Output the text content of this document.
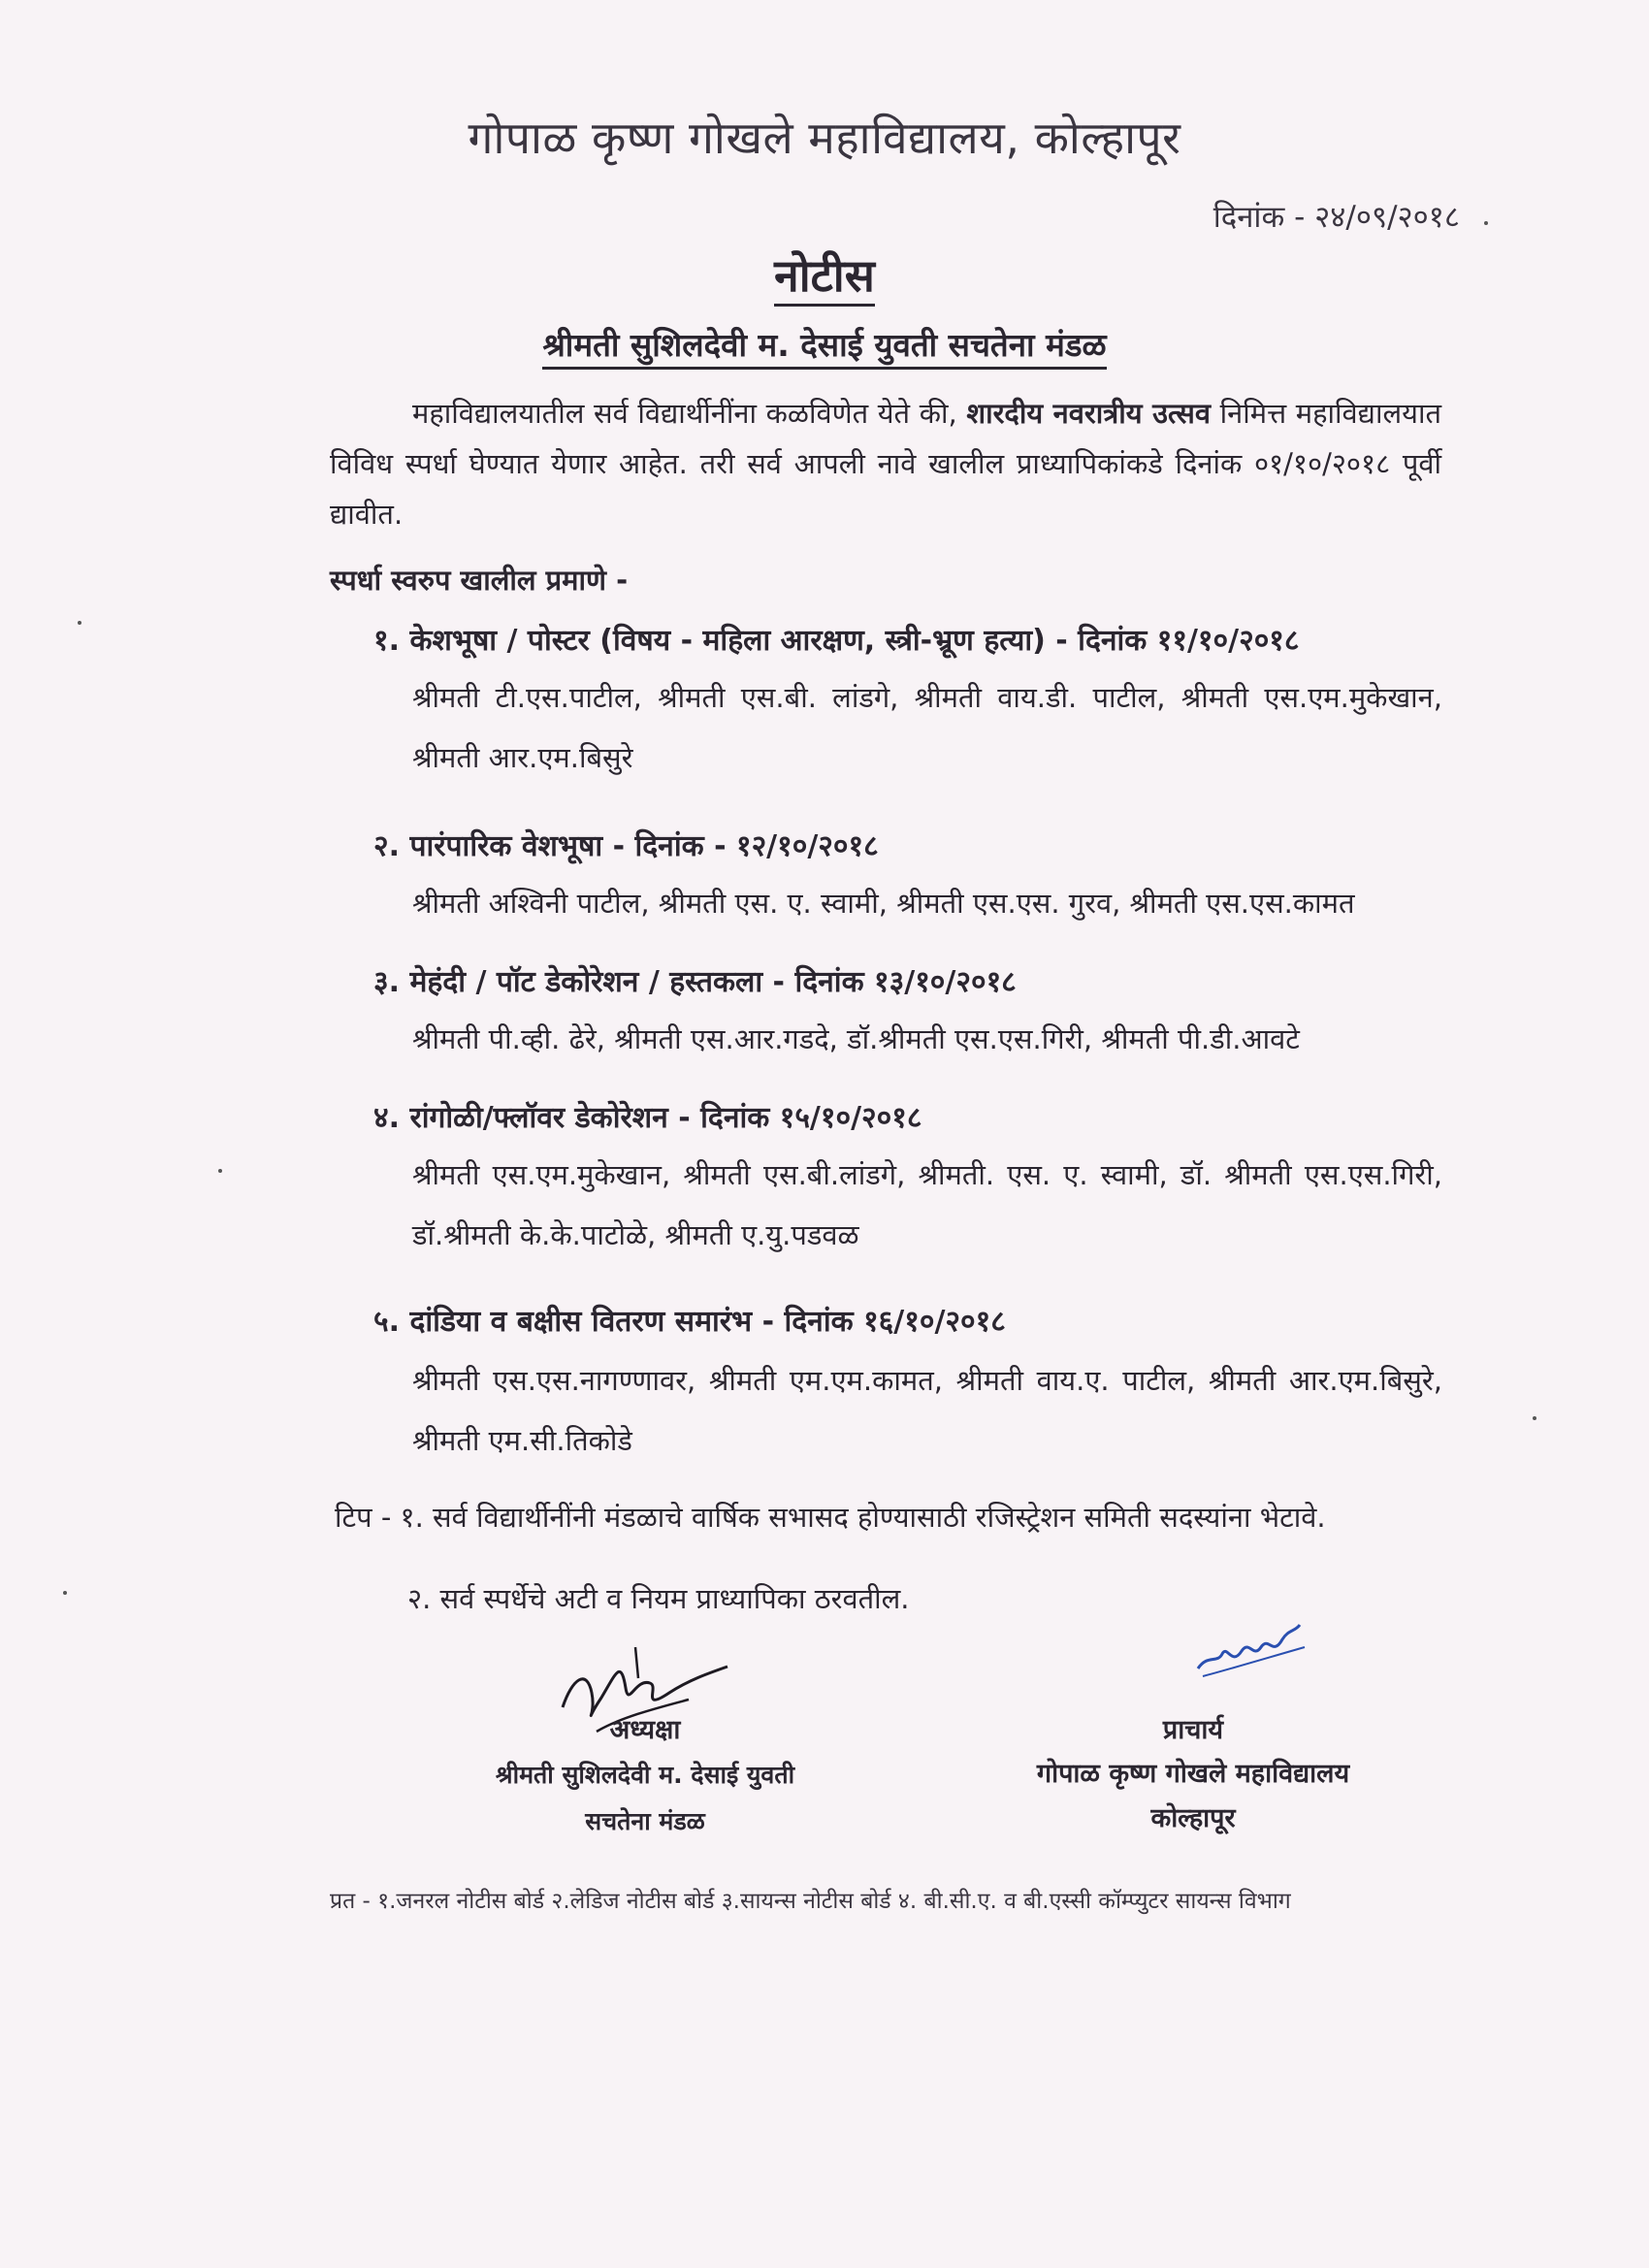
गोपाळ कृष्ण गोखले महाविद्यालय, कोल्हापूर
दिनांक - २४/०९/२०१८
नोटीस
श्रीमती सुशिलदेवी म. देसाई युवती सचतेना मंडळ
महाविद्यालयातील सर्व विद्यार्थीनींना कळविणेत येते की, शारदीय नवरात्रीय उत्सव निमित्त महाविद्यालयात विविध स्पर्धा घेण्यात येणार आहेत. तरी सर्व आपली नावे खालील प्राध्यापिकांकडे दिनांक ०१/१०/२०१८ पूर्वी द्यावीत.
स्पर्धा स्वरुप खालील प्रमाणे -
१. केशभूषा / पोस्टर (विषय - महिला आरक्षण, स्त्री-भ्रूण हत्या) - दिनांक ११/१०/२०१८
श्रीमती टी.एस.पाटील, श्रीमती एस.बी. लांडगे, श्रीमती वाय.डी. पाटील, श्रीमती एस.एम.मुकेखान, श्रीमती आर.एम.बिसुरे
२. पारंपारिक वेशभूषा - दिनांक - १२/१०/२०१८
श्रीमती अश्विनी पाटील, श्रीमती एस. ए. स्वामी, श्रीमती एस.एस. गुरव, श्रीमती एस.एस.कामत
३. मेहंदी / पॉट डेकोरेशन / हस्तकला - दिनांक १३/१०/२०१८
श्रीमती पी.व्ही. ढेरे, श्रीमती एस.आर.गडदे, डॉ.श्रीमती एस.एस.गिरी, श्रीमती पी.डी.आवटे
४. रांगोळी/फ्लॉवर डेकोरेशन - दिनांक १५/१०/२०१८
श्रीमती एस.एम.मुकेखान, श्रीमती एस.बी.लांडगे, श्रीमती. एस. ए. स्वामी, डॉ. श्रीमती एस.एस.गिरी, डॉ.श्रीमती के.के.पाटोळे, श्रीमती ए.यु.पडवळ
५. दांडिया व बक्षीस वितरण समारंभ - दिनांक १६/१०/२०१८
श्रीमती एस.एस.नागण्णावर, श्रीमती एम.एम.कामत, श्रीमती वाय.ए. पाटील, श्रीमती आर.एम.बिसुरे, श्रीमती एम.सी.तिकोडे
टिप - १. सर्व विद्यार्थीनींनी मंडळाचे वार्षिक सभासद होण्यासाठी रजिस्ट्रेशन समिती सदस्यांना भेटावे.
२. सर्व स्पर्धेचे अटी व नियम प्राध्यापिका ठरवतील.
अध्यक्षा
श्रीमती सुशिलदेवी म. देसाई युवती
सचतेना मंडळ
प्राचार्य
गोपाळ कृष्ण गोखले महाविद्यालय
कोल्हापूर
प्रत - १.जनरल नोटीस बोर्ड २.लेडिज नोटीस बोर्ड ३.सायन्स नोटीस बोर्ड ४. बी.सी.ए. व बी.एस्सी कॉम्प्युटर सायन्स विभाग
